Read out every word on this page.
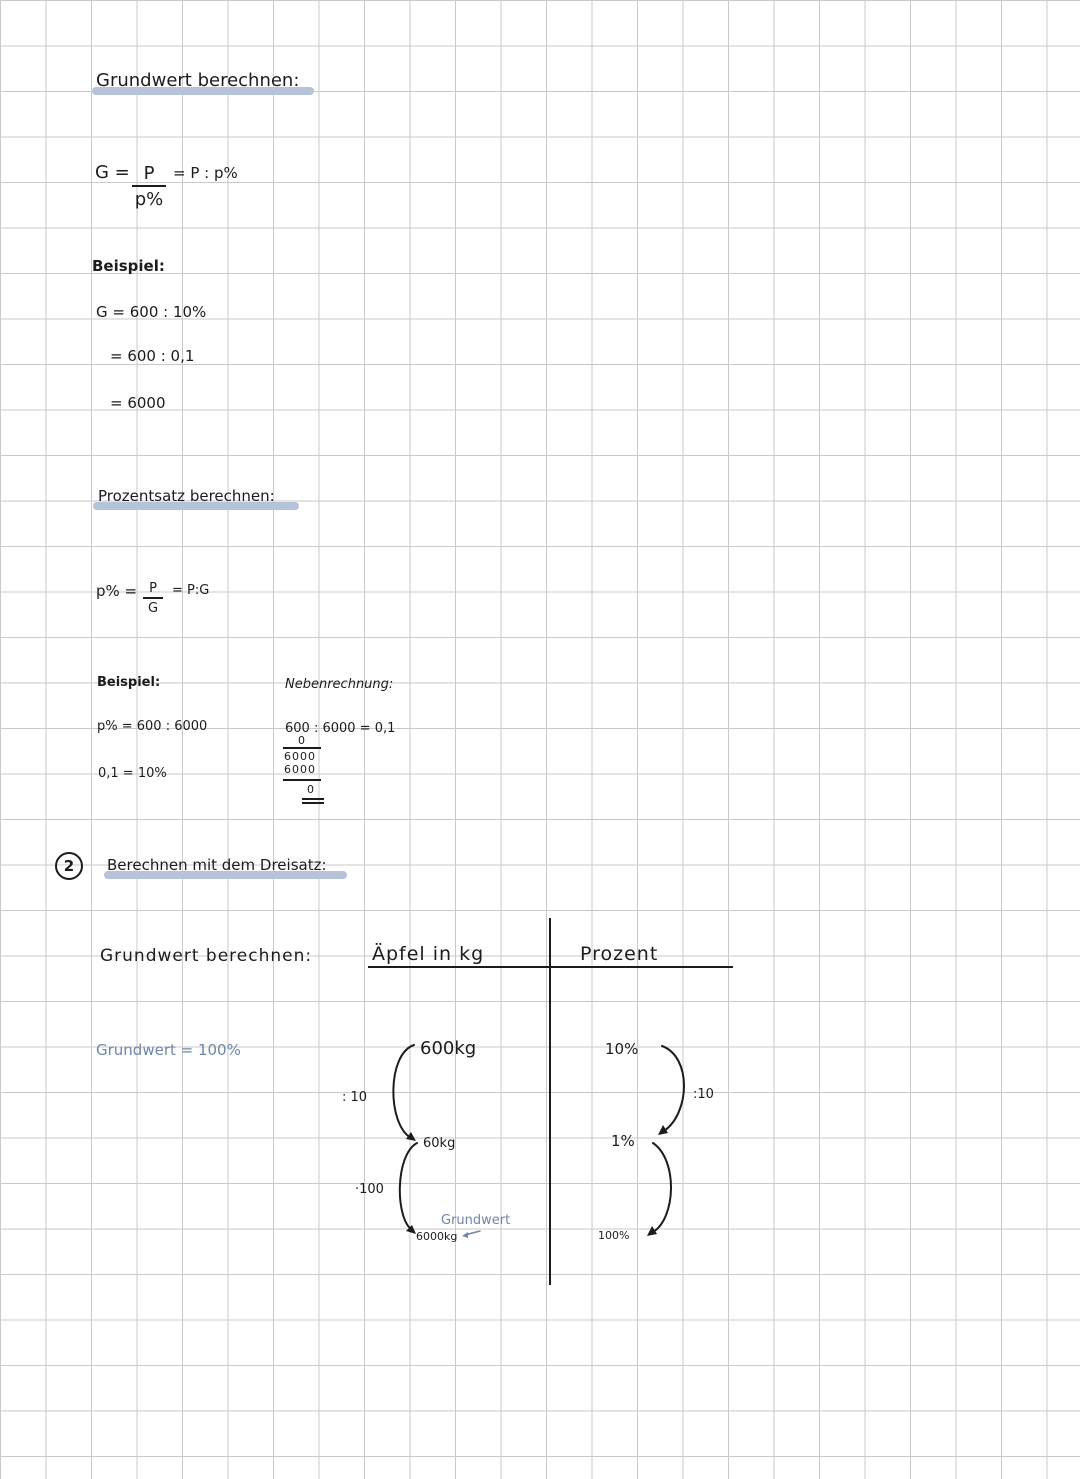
Grundwert berechnen:
$G = \frac{P}{p\%} = P$ : p%
Beispiel:
G = 600 : 10%
= 600 : 0,1
= 6000
Prozentsatz berechnen:
$p\% = \frac{P}{G}$ = P:G
Beispiel:
p% = 600 : 6000
0,1 = 10%
Nebenrechnung:
600 : 6000 = 0,1
0
6000
6000
0
2	Berechnen mit dem Dreisatz:
Grundwert berechnen:
Grundwert = 100%
Äpfel in kg	Prozent
600kg
60kg
6000kg
10%
1%
100%
: 10
·100
:10
Grundwert
